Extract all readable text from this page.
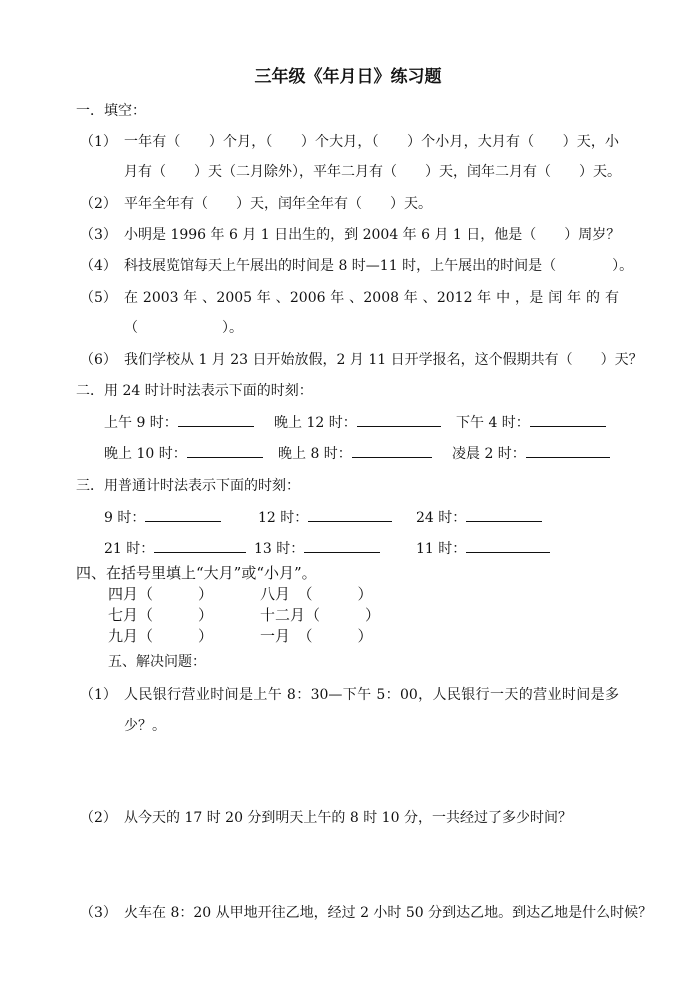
三年级《年月日》练习题
一．填空：
（1） 一年有（　　）个月，（　　）个大月，（　　）个小月，大月有（　　）天，小
月有（　　）天（二月除外），平年二月有（　　）天，闰年二月有（　　）天。
（2） 平年全年有（　　）天，闰年全年有（　　）天。
（3） 小明是 1996 年 6 月 1 日出生的，到 2004 年 6 月 1 日，他是（　　）周岁？
（4） 科技展览馆每天上午展出的时间是 8 时—11 时，上午展出的时间是（　　　　）。
（5） 在 2003 年 、2005 年 、2006 年 、2008 年 、2012 年 中 ，是 闰 年 的 有
（　　　　　　）。
（6） 我们学校从 1 月 23 日开始放假，2 月 11 日开学报名，这个假期共有（　　）天？
二．用 24 时计时法表示下面的时刻：
上午 9 时：	晚上 12 时：	下午 4 时：
晚上 10 时：	晚上 8 时：	凌晨 2 时：
三．用普通计时法表示下面的时刻：
9 时：	12 时：	24 时：
21 时：	13 时：	11 时：
四、在括号里填上“大月”或“小月”。
四月（　　　）	八月　（　　　）
七月（　　　）	十二月（　　　）
九月（　　　）	一月　（　　　）
五、解决问题：
（1） 人民银行营业时间是上午 8：30—下午 5：00，人民银行一天的营业时间是多
少？。
（2） 从今天的 17 时 20 分到明天上午的 8 时 10 分，一共经过了多少时间？
（3） 火车在 8：20 从甲地开往乙地，经过 2 小时 50 分到达乙地。到达乙地是什么时候？
